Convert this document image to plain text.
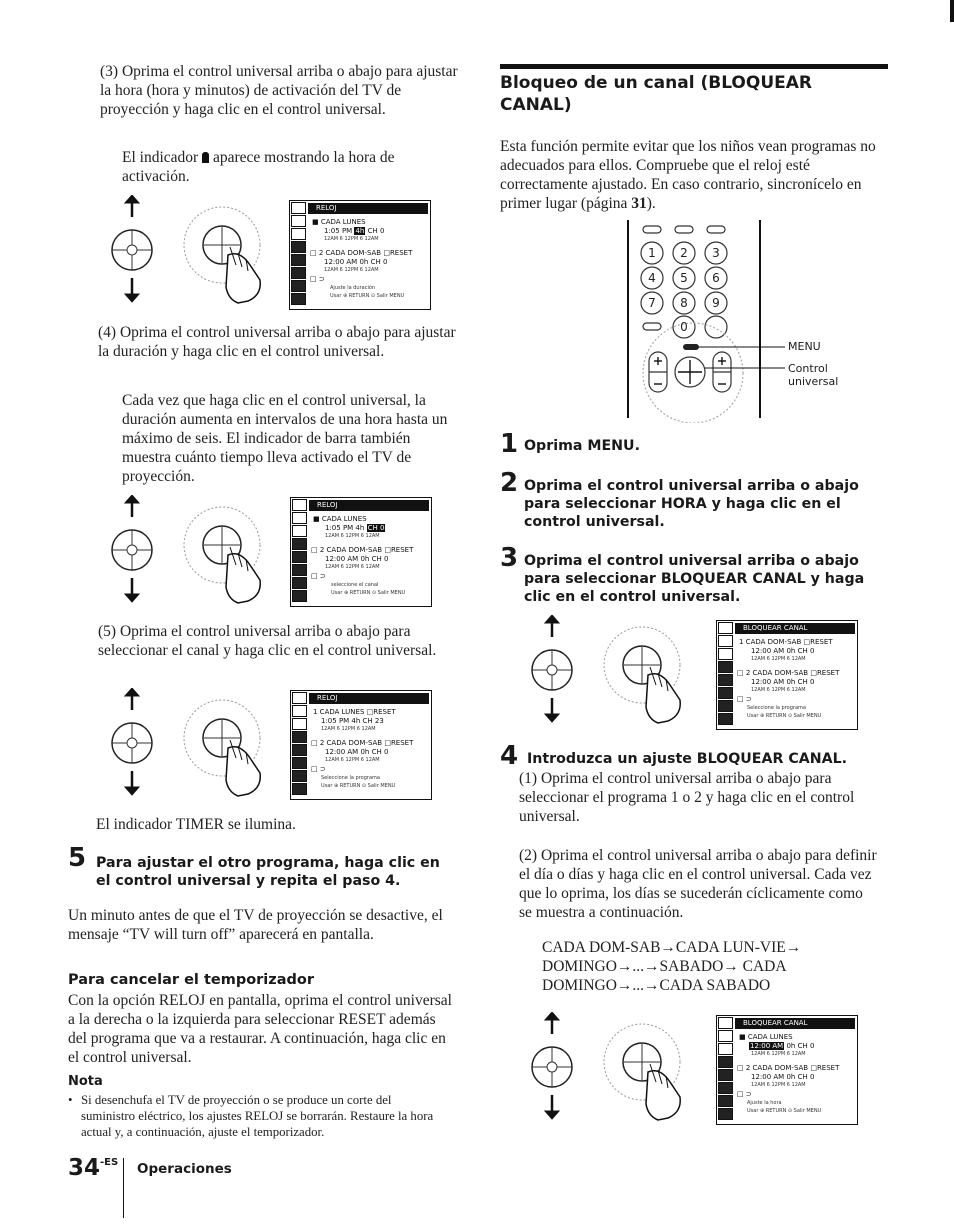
(3) Oprima el control universal arriba o abajo para ajustar la hora (hora y minutos) de activación del TV de proyección y haga clic en el control universal.

El indicador aparece mostrando la hora de activación.

RELOJ
■ CADA LUNES
1:05 PM 4h CH 0
12AM 6 12PM 6 12AM
□ 2 CADA DOM-SAB □RESET
12:00 AM 0h CH 0
12AM 6 12PM 6 12AM
□ ⊃
Ajuste la duración
Usar ⊕ RETURN ⊙ Salir MENU

(4) Oprima el control universal arriba o abajo para ajustar la duración y haga clic en el control universal.

Cada vez que haga clic en el control universal, la duración aumenta en intervalos de una hora hasta un máximo de seis. El indicador de barra también muestra cuánto tiempo lleva activado el TV de proyección.

RELOJ
■ CADA LUNES
1:05 PM 4h CH 0
12AM 6 12PM 6 12AM
□ 2 CADA DOM-SAB □RESET
12:00 AM 0h CH 0
12AM 6 12PM 6 12AM
□ ⊃
seleccione el canal
Usar ⊕ RETURN ⊙ Salir MENU

(5) Oprima el control universal arriba o abajo para seleccionar el canal y haga clic en el control universal.

RELOJ
1 CADA LUNES □RESET
1:05 PM 4h CH 23
12AM 6 12PM 6 12AM
□ 2 CADA DOM-SAB □RESET
12:00 AM 0h CH 0
12AM 6 12PM 6 12AM
□ ⊃
Seleccione la programa
Usar ⊕ RETURN ⊙ Salir MENU

El indicador TIMER se ilumina.

5 Para ajustar el otro programa, haga clic en el control universal y repita el paso 4.

Un minuto antes de que el TV de proyección se desactive, el mensaje “TV will turn off” aparecerá en pantalla.

Para cancelar el temporizador

Con la opción RELOJ en pantalla, oprima el control universal a la derecha o la izquierda para seleccionar RESET además del programa que va a restaurar. A continuación, haga clic en el control universal.

Nota

• Si desenchufa el TV de proyección o se produce un corte del suministro eléctrico, los ajustes RELOJ se borrarán. Restaure la hora actual y, a continuación, ajuste el temporizador.

$34^{-ES}$ Operaciones
Bloqueo de un canal (BLOQUEAR CANAL)

Esta función permite evitar que los niños vean programas no adecuados para ellos. Compruebe que el reloj esté correctamente ajustado. En caso contrario, sincronícelo en primer lugar (página 31).

1 2 3
4 5 6
7 8 9
0
MENU
Control
universal
1 Oprima MENU.

2 Oprima el control universal arriba o abajo para seleccionar HORA y haga clic en el control universal.

3 Oprima el control universal arriba o abajo para seleccionar BLOQUEAR CANAL y haga clic en el control universal.

BLOQUEAR CANAL
1 CADA DOM-SAB □RESET
12:00 AM 0h CH 0
12AM 6 12PM 6 12AM
□ 2 CADA DOM-SAB □RESET
12:00 AM 0h CH 0
12AM 6 12PM 6 12AM
□ ⊃
Seleccione la programa
Usar ⊕ RETURN ⊙ Salir MENU
4 Introduzca un ajuste BLOQUEAR CANAL.

(1) Oprima el control universal arriba o abajo para seleccionar el programa 1 o 2 y haga clic en el control universal.

(2) Oprima el control universal arriba o abajo para definir el día o días y haga clic en el control universal. Cada vez que lo oprima, los días se sucederán cíclicamente como se muestra a continuación.

CADA DOM-SAB→CADA LUN-VIE→
DOMINGO→...→SABADO→ CADA
DOMINGO→...→CADA SABADO
BLOQUEAR CANAL
■ CADA LUNES
12:00 AM 0h CH 0
12AM 6 12PM 6 12AM
□ 2 CADA DOM-SAB □RESET
12:00 AM 0h CH 0
12AM 6 12PM 6 12AM
□ ⊃
Ajuste la hora
Usar ⊕ RETURN ⊙ Salir MENU
